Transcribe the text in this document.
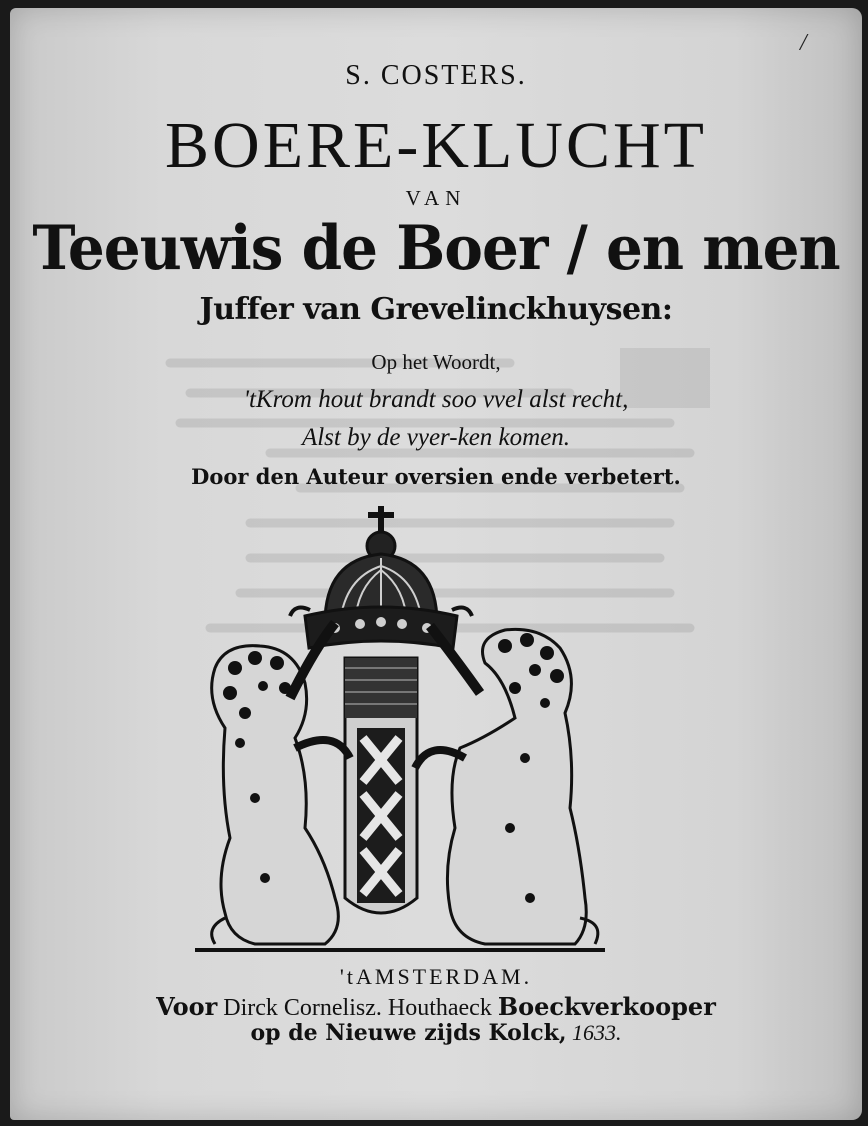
/
S. COSTERS.
BOERE-KLUCHT
VAN
Teeuwis de Boer / en men
Juffer van Grevelinckhuysen:
Op het Woordt,
'tKrom hout brandt soo vvel alst recht,
Alst by de vyer-ken komen.
Door den Auteur oversien ende verbetert.
'tAMSTERDAM.
Voor Dirck Cornelisz. Houthaeck Boeckverkooper
op de Nieuwe zijds Kolck, 1633.
